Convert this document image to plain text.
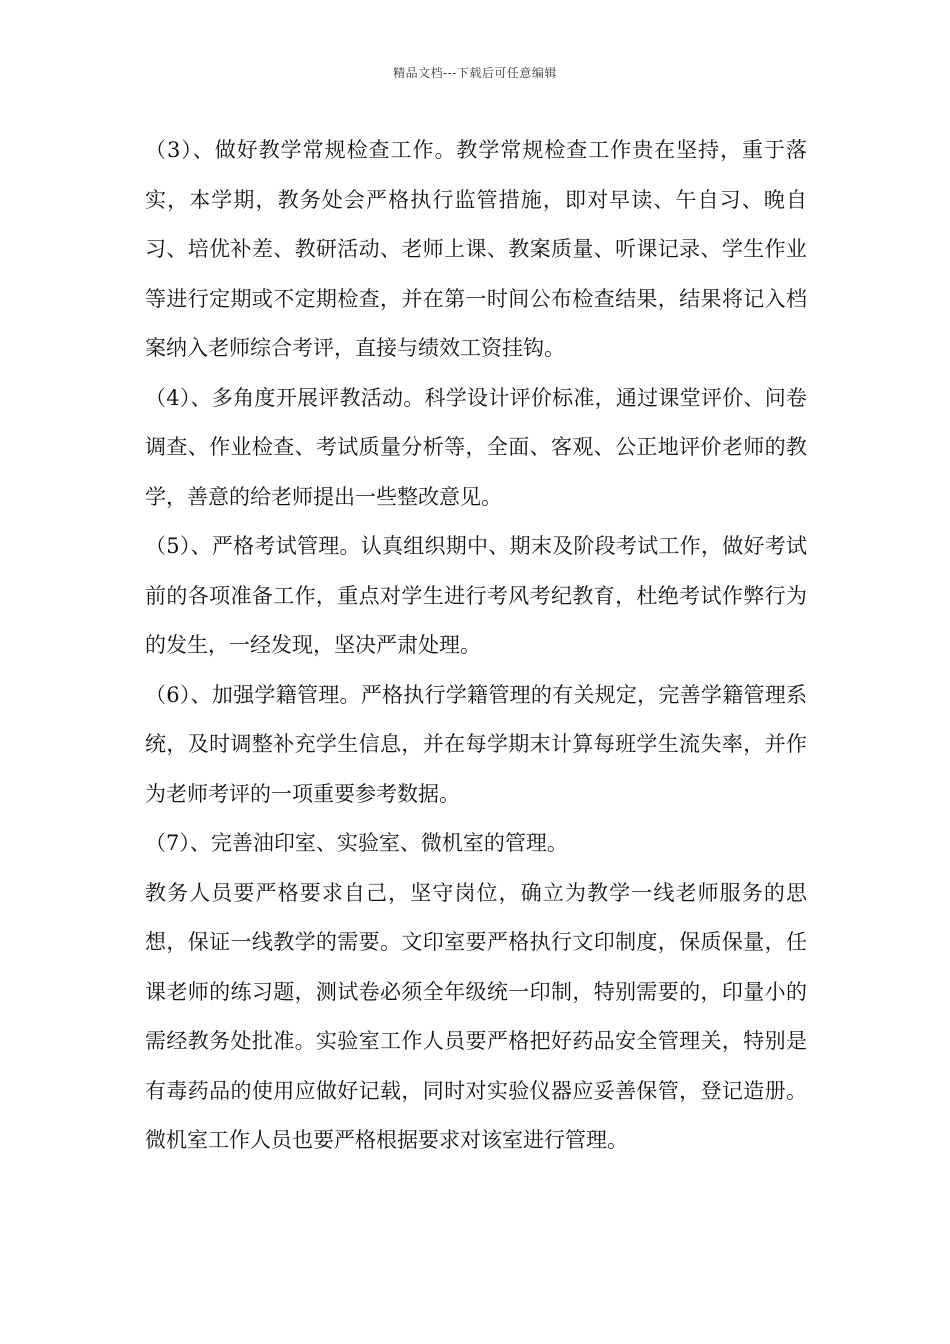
精品文档---下载后可任意编辑

（3）、做好教学常规检查工作。教学常规检查工作贵在坚持，重于落实，本学期，教务处会严格执行监管措施，即对早读、午自习、晚自习、培优补差、教研活动、老师上课、教案质量、听课记录、学生作业等进行定期或不定期检查，并在第一时间公布检查结果，结果将记入档案纳入老师综合考评，直接与绩效工资挂钩。

（4）、多角度开展评教活动。科学设计评价标准，通过课堂评价、问卷调查、作业检查、考试质量分析等，全面、客观、公正地评价老师的教学，善意的给老师提出一些整改意见。

（5）、严格考试管理。认真组织期中、期末及阶段考试工作，做好考试前的各项准备工作，重点对学生进行考风考纪教育，杜绝考试作弊行为的发生，一经发现，坚决严肃处理。

（6）、加强学籍管理。严格执行学籍管理的有关规定，完善学籍管理系统，及时调整补充学生信息，并在每学期末计算每班学生流失率，并作为老师考评的一项重要参考数据。

（7）、完善油印室、实验室、微机室的管理。

教务人员要严格要求自己，坚守岗位，确立为教学一线老师服务的思想，保证一线教学的需要。文印室要严格执行文印制度，保质保量，任课老师的练习题，测试卷必须全年级统一印制，特别需要的，印量小的需经教务处批准。实验室工作人员要严格把好药品安全管理关，特别是有毒药品的使用应做好记载，同时对实验仪器应妥善保管，登记造册。微机室工作人员也要严格根据要求对该室进行管理。
